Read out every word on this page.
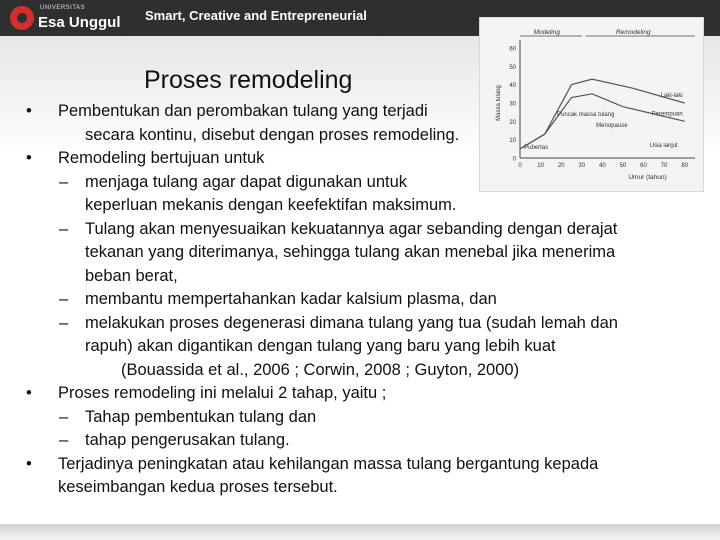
UNIVERSITAS
Esa Unggul Smart, Creative and Entrepreneurial
Proses remodeling
0
10
20
30
40
50
60
0	10 20 30 40 50 60 70 80
Umur (tahun)
Massa tulang	Laki-laki
Perempuan
Modeling	Remodeling
Pubertas
Puncak massa tulang
Menopause
Usia lanjut

• Pembentukan dan perombakan tulang yang terjadi

secara kontinu, disebut dengan proses remodeling.

• Remodeling bertujuan untuk

– menjaga tulang agar dapat digunakan untuk

keperluan mekanis dengan keefektifan maksimum.

– Tulang akan menyesuaikan kekuatannya agar sebanding dengan derajat

tekanan yang diterimanya, sehingga tulang akan menebal jika menerima

beban berat,

– membantu mempertahankan kadar kalsium plasma, dan

– melakukan proses degenerasi dimana tulang yang tua (sudah lemah dan

rapuh) akan digantikan dengan tulang yang baru yang lebih kuat

(Bouassida et al., 2006 ; Corwin, 2008 ; Guyton, 2000)

• Proses remodeling ini melalui 2 tahap, yaitu ;

– Tahap pembentukan tulang dan

– tahap pengerusakan tulang.

• Terjadinya peningkatan atau kehilangan massa tulang bergantung kepada

keseimbangan kedua proses tersebut.
